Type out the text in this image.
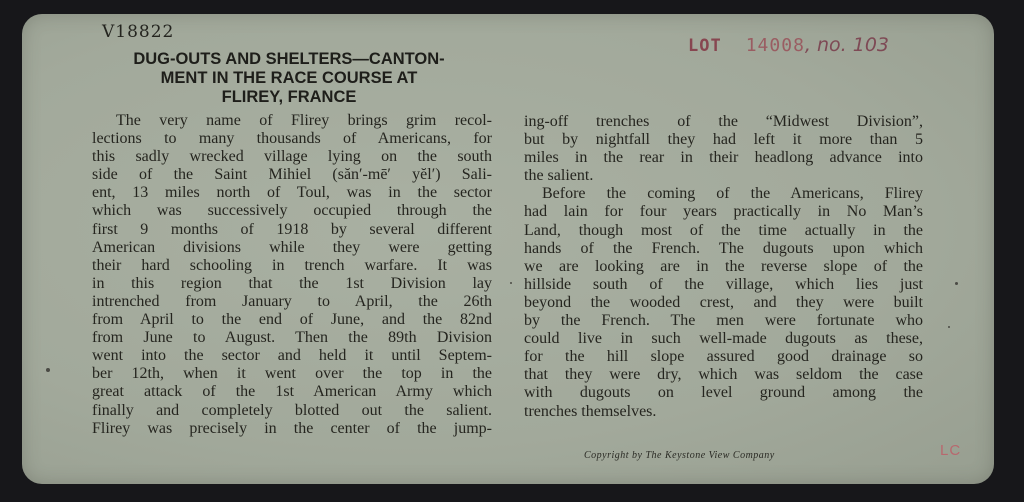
V18822
DUG-OUTS AND SHELTERS—CANTON-
MENT IN THE RACE COURSE AT
FLIREY, FRANCE
The very name of Flirey brings grim recol-
lections to many thousands of Americans, for
this sadly wrecked village lying on the south
side of the Saint Mihiel (săn′-mē′ yĕl′) Sali-
ent, 13 miles north of Toul, was in the sector
which was successively occupied through the
first 9 months of 1918 by several different
American divisions while they were getting
their hard schooling in trench warfare. It was
in this region that the 1st Division lay
intrenched from January to April, the 26th
from April to the end of June, and the 82nd
from June to August. Then the 89th Division
went into the sector and held it until Septem-
ber 12th, when it went over the top in the
great attack of the 1st American Army which
finally and completely blotted out the salient.
Flirey was precisely in the center of the jump-
ing-off trenches of the “Midwest Division”,
but by nightfall they had left it more than 5
miles in the rear in their headlong advance into
the salient.
Before the coming of the Americans, Flirey
had lain for four years practically in No Man’s
Land, though most of the time actually in the
hands of the French. The dugouts upon which
we are looking are in the reverse slope of the
hillside south of the village, which lies just
beyond the wooded crest, and they were built
by the French. The men were fortunate who
could live in such well-made dugouts as these,
for the hill slope assured good drainage so
that they were dry, which was seldom the case
with dugouts on level ground among the
trenches themselves.
Copyright by The Keystone View Company
LOT 14008, no. 103
LC
